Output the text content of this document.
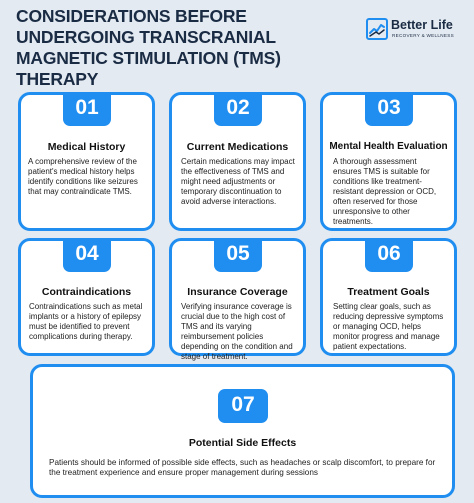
CONSIDERATIONS BEFORE UNDERGOING TRANSCRANIAL MAGNETIC STIMULATION (TMS) THERAPY
Better Life
RECOVERY & WELLNESS
01
Medical History
A comprehensive review of the patient's medical history helps identify conditions like seizures that may contraindicate TMS.
02
Current Medications
Certain medications may impact the effectiveness of TMS and might need adjustments or temporary discontinuation to avoid adverse interactions.
03
Mental Health Evaluation
A thorough assessment ensures TMS is suitable for conditions like treatment-resistant depression or OCD, often reserved for those unresponsive to other treatments.
04
Contraindications
Contraindications such as metal implants or a history of epilepsy must be identified to prevent complications during therapy.
05
Insurance Coverage
Verifying insurance coverage is crucial due to the high cost of TMS and its varying reimbursement policies depending on the condition and stage of treatment.
06
Treatment Goals
Setting clear goals, such as reducing depressive symptoms or managing OCD, helps monitor progress and manage patient expectations.
07
Potential Side Effects
Patients should be informed of possible side effects, such as headaches or scalp discomfort, to prepare for the treatment experience and ensure proper management during sessions
